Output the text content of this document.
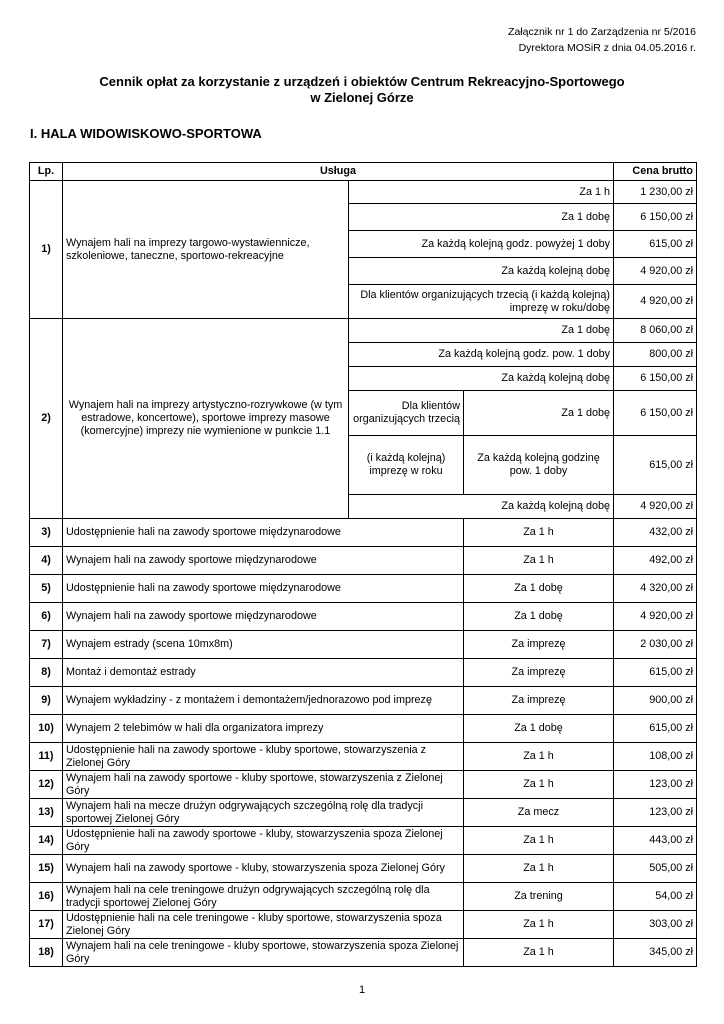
Załącznik nr 1 do Zarządzenia nr 5/2016
Dyrektora MOSiR z dnia 04.05.2016 r.
Cennik opłat za korzystanie z urządzeń i obiektów Centrum Rekreacyjno-Sportowego
w Zielonej Górze
I. HALA WIDOWISKOWO-SPORTOWA
Lp.	Usługa			Cena brutto
1)	Wynajem hali na imprezy targowo-wystawiennicze, szkoleniowe, taneczne, sportowo-rekreacyjne	Za 1 h		1 230,00 zł
		Za 1 dobę		6 150,00 zł
		Za każdą kolejną godz. powyżej 1 doby		615,00 zł
		Za każdą kolejną dobę		4 920,00 zł
		Dla klientów organizujących trzecią (i każdą kolejną) imprezę w roku/dobę		4 920,00 zł
2)	Wynajem hali na imprezy artystyczno-rozrywkowe (w tym estradowe, koncertowe), sportowe imprezy masowe (komercyjne) imprezy nie wymienione w punkcie 1.1	Za 1 dobę		8 060,00 zł
		Za każdą kolejną godz. pow. 1 doby		800,00 zł
		Za każdą kolejną dobę		6 150,00 zł
		Dla klientów organizujących trzecią	Za 1 dobę	6 150,00 zł
		(i każdą kolejną) imprezę w roku	Za każdą kolejną godzinę pow. 1 doby	615,00 zł
		Za każdą kolejną dobę		4 920,00 zł
3)	Udostępnienie hali na zawody sportowe międzynarodowe		Za 1 h	432,00 zł
4)	Wynajem hali na zawody sportowe międzynarodowe		Za 1 h	492,00 zł
5)	Udostępnienie hali na zawody sportowe międzynarodowe		Za 1 dobę	4 320,00 zł
6)	Wynajem hali na zawody sportowe międzynarodowe		Za 1 dobę	4 920,00 zł
7)	Wynajem estrady (scena 10mx8m)		Za imprezę	2 030,00 zł
8)	Montaż i demontaż estrady		Za imprezę	615,00 zł
9)	Wynajem wykładziny - z montażem i demontażem/jednorazowo pod imprezę		Za imprezę	900,00 zł
10)	Wynajem 2 telebimów w hali dla organizatora imprezy		Za 1 dobę	615,00 zł
11)	Udostępnienie hali na zawody sportowe - kluby sportowe, stowarzyszenia z Zielonej Góry		Za 1 h	108,00 zł
12)	Wynajem hali na zawody sportowe - kluby sportowe, stowarzyszenia z Zielonej Góry		Za 1 h	123,00 zł
13)	Wynajem hali na mecze drużyn odgrywających szczególną rolę dla tradycji sportowej Zielonej Góry		Za mecz	123,00 zł
14)	Udostępnienie hali na zawody sportowe - kluby, stowarzyszenia spoza Zielonej Góry		Za 1 h	443,00 zł
15)	Wynajem hali na zawody sportowe - kluby, stowarzyszenia spoza Zielonej Góry		Za 1 h	505,00 zł
16)	Wynajem hali na cele treningowe drużyn odgrywających szczególną rolę dla tradycji sportowej Zielonej Góry		Za trening	54,00 zł
17)	Udostępnienie hali na cele treningowe - kluby sportowe, stowarzyszenia spoza Zielonej Góry		Za 1 h	303,00 zł
18)	Wynajem hali na cele treningowe - kluby sportowe, stowarzyszenia spoza Zielonej Góry		Za 1 h	345,00 zł
1
